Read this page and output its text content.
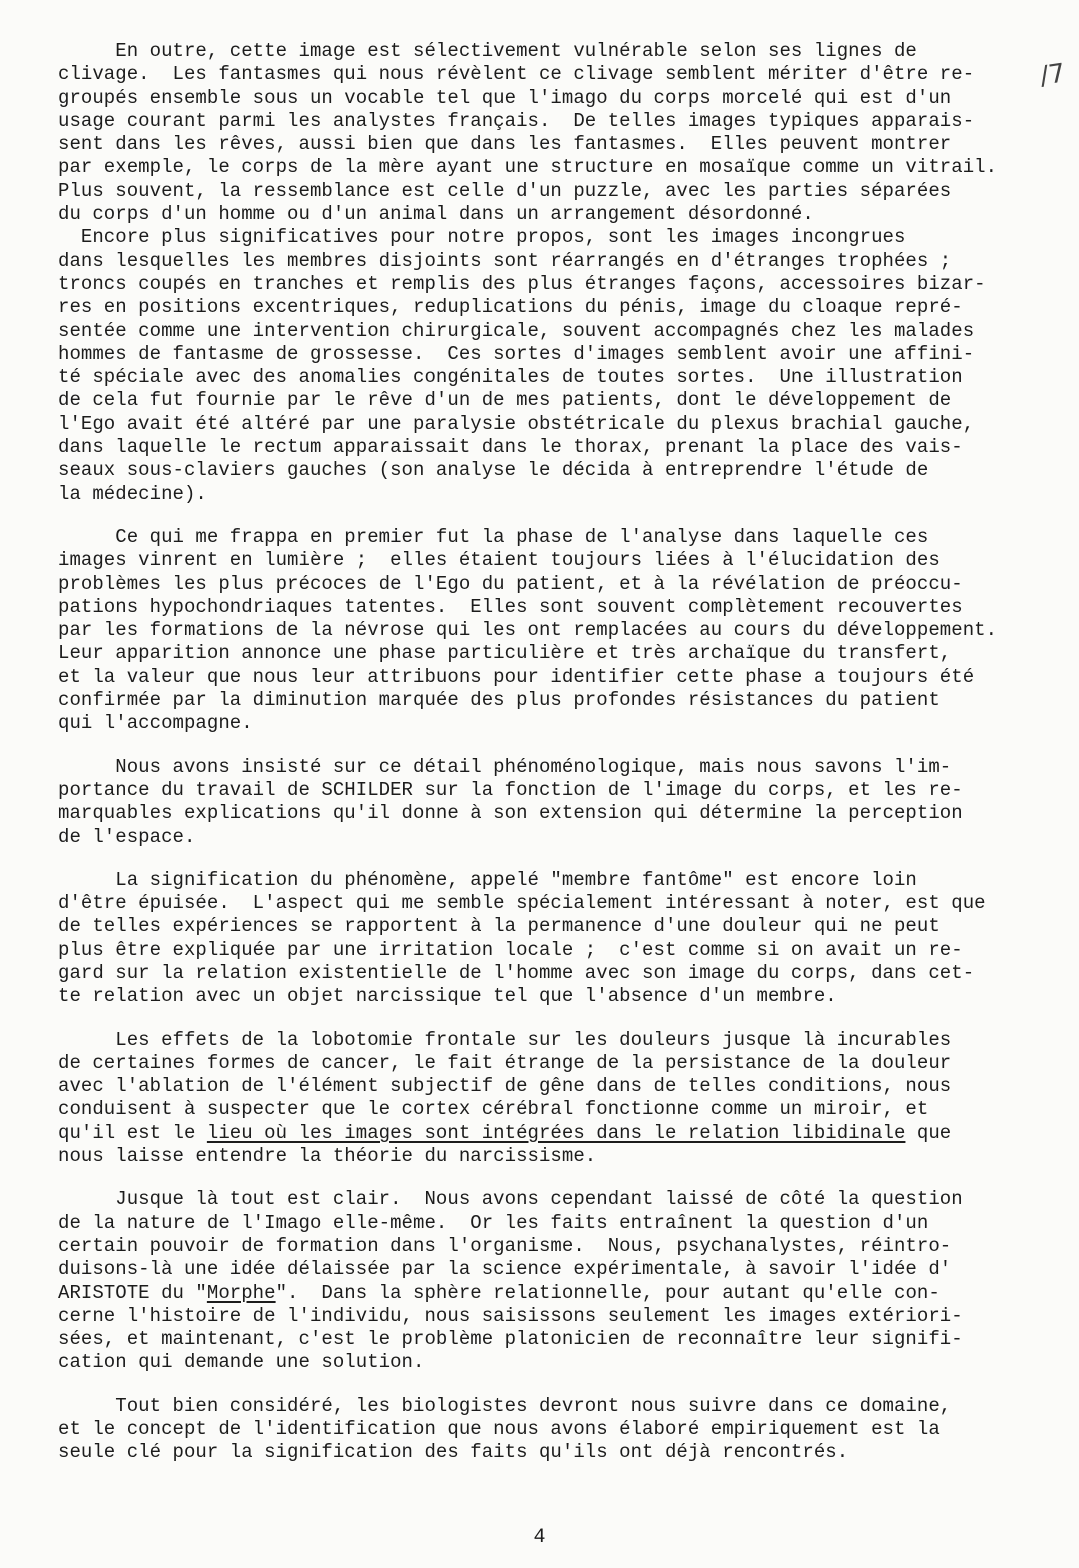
/7
En outre, cette image est sélectivement vulnérable selon ses lignes de
clivage.  Les fantasmes qui nous révèlent ce clivage semblent mériter d'être re-
groupés ensemble sous un vocable tel que l'imago du corps morcelé qui est d'un
usage courant parmi les analystes français.  De telles images typiques apparais-
sent dans les rêves, aussi bien que dans les fantasmes.  Elles peuvent montrer
par exemple, le corps de la mère ayant une structure en mosaïque comme un vitrail.
Plus souvent, la ressemblance est celle d'un puzzle, avec les parties séparées
du corps d'un homme ou d'un animal dans un arrangement désordonné.
Encore plus significatives pour notre propos, sont les images incongrues
dans lesquelles les membres disjoints sont réarrangés en d'étranges trophées ;
troncs coupés en tranches et remplis des plus étranges façons, accessoires bizar-
res en positions excentriques, reduplications du pénis, image du cloaque repré-
sentée comme une intervention chirurgicale, souvent accompagnés chez les malades
hommes de fantasme de grossesse.  Ces sortes d'images semblent avoir une affini-
té spéciale avec des anomalies congénitales de toutes sortes.  Une illustration
de cela fut fournie par le rêve d'un de mes patients, dont le développement de
l'Ego avait été altéré par une paralysie obstétricale du plexus brachial gauche,
dans laquelle le rectum apparaissait dans le thorax, prenant la place des vais-
seaux sous-claviers gauches (son analyse le décida à entreprendre l'étude de
la médecine).
Ce qui me frappa en premier fut la phase de l'analyse dans laquelle ces
images vinrent en lumière ;  elles étaient toujours liées à l'élucidation des
problèmes les plus précoces de l'Ego du patient, et à la révélation de préoccu-
pations hypochondriaques tatentes.  Elles sont souvent complètement recouvertes
par les formations de la névrose qui les ont remplacées au cours du développement.
Leur apparition annonce une phase particulière et très archaïque du transfert,
et la valeur que nous leur attribuons pour identifier cette phase a toujours été
confirmée par la diminution marquée des plus profondes résistances du patient
qui l'accompagne.
Nous avons insisté sur ce détail phénoménologique, mais nous savons l'im-
portance du travail de SCHILDER sur la fonction de l'image du corps, et les re-
marquables explications qu'il donne à son extension qui détermine la perception
de l'espace.
La signification du phénomène, appelé "membre fantôme" est encore loin
d'être épuisée.  L'aspect qui me semble spécialement intéressant à noter, est que
de telles expériences se rapportent à la permanence d'une douleur qui ne peut
plus être expliquée par une irritation locale ;  c'est comme si on avait un re-
gard sur la relation existentielle de l'homme avec son image du corps, dans cet-
te relation avec un objet narcissique tel que l'absence d'un membre.
Les effets de la lobotomie frontale sur les douleurs jusque là incurables
de certaines formes de cancer, le fait étrange de la persistance de la douleur
avec l'ablation de l'élément subjectif de gêne dans de telles conditions, nous
conduisent à suspecter que le cortex cérébral fonctionne comme un miroir, et
qu'il est le lieu où les images sont intégrées dans le relation libidinale que
nous laisse entendre la théorie du narcissisme.
Jusque là tout est clair.  Nous avons cependant laissé de côté la question
de la nature de l'Imago elle-même.  Or les faits entraînent la question d'un
certain pouvoir de formation dans l'organisme.  Nous, psychanalystes, réintro-
duisons-là une idée délaissée par la science expérimentale, à savoir l'idée d'
ARISTOTE du "Morphe".  Dans la sphère relationnelle, pour autant qu'elle con-
cerne l'histoire de l'individu, nous saisissons seulement les images extériori-
sées, et maintenant, c'est le problème platonicien de reconnaître leur signifi-
cation qui demande une solution.
Tout bien considéré, les biologistes devront nous suivre dans ce domaine,
et le concept de l'identification que nous avons élaboré empiriquement est la
seule clé pour la signification des faits qu'ils ont déjà rencontrés.
4
